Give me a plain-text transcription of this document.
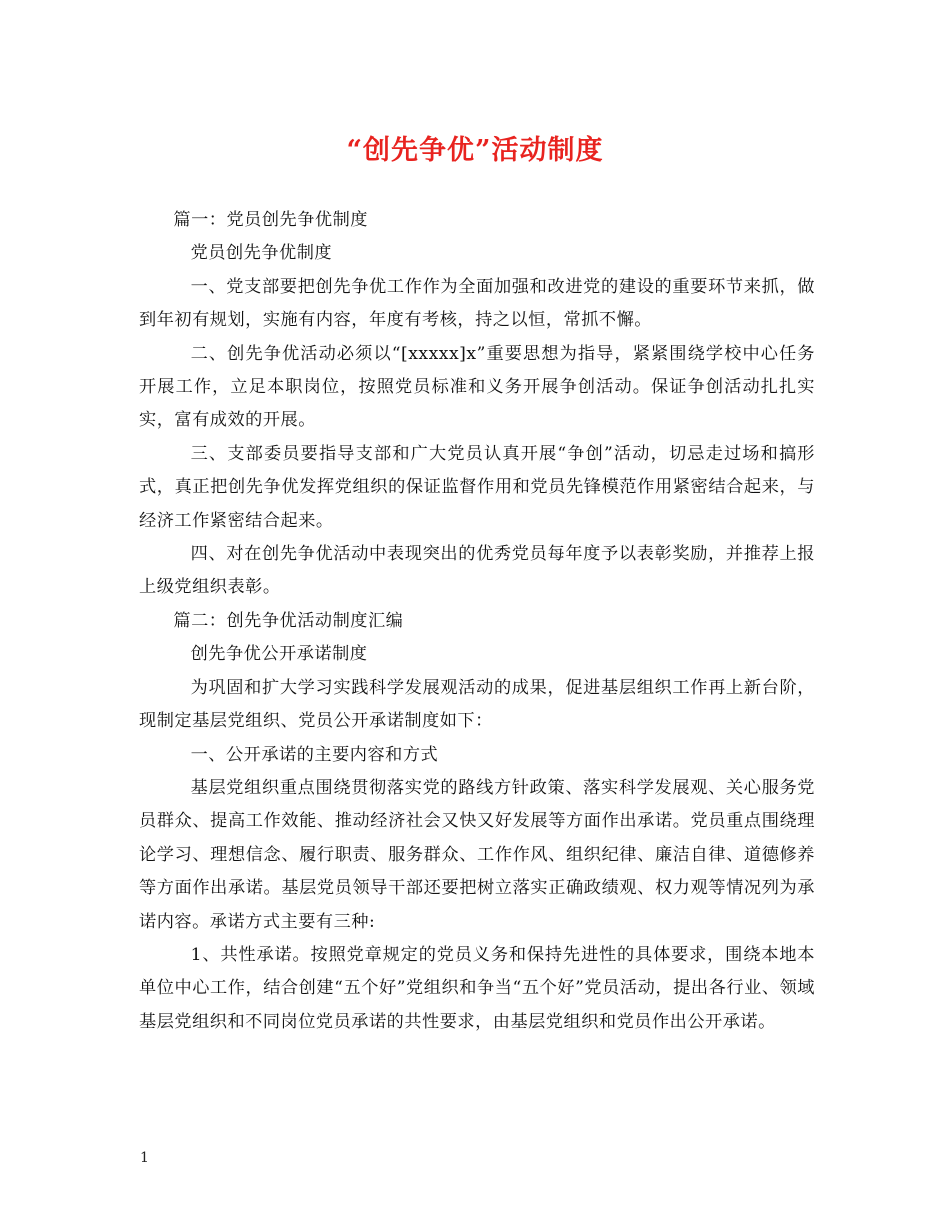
“创先争优”活动制度

篇一：党员创先争优制度

党员创先争优制度

一、党支部要把创先争优工作作为全面加强和改进党的建设的重要环节来抓，做到年初有规划，实施有内容，年度有考核，持之以恒，常抓不懈。

二、创先争优活动必须以“[xxxxx]x”重要思想为指导，紧紧围绕学校中心任务开展工作，立足本职岗位，按照党员标准和义务开展争创活动。保证争创活动扎扎实实，富有成效的开展。

三、支部委员要指导支部和广大党员认真开展“争创”活动，切忌走过场和搞形式，真正把创先争优发挥党组织的保证监督作用和党员先锋模范作用紧密结合起来，与经济工作紧密结合起来。

四、对在创先争优活动中表现突出的优秀党员每年度予以表彰奖励，并推荐上报上级党组织表彰。

篇二：创先争优活动制度汇编

创先争优公开承诺制度

为巩固和扩大学习实践科学发展观活动的成果，促进基层组织工作再上新台阶，现制定基层党组织、党员公开承诺制度如下：

一、公开承诺的主要内容和方式

基层党组织重点围绕贯彻落实党的路线方针政策、落实科学发展观、关心服务党员群众、提高工作效能、推动经济社会又快又好发展等方面作出承诺。党员重点围绕理论学习、理想信念、履行职责、服务群众、工作作风、组织纪律、廉洁自律、道德修养等方面作出承诺。基层党员领导干部还要把树立落实正确政绩观、权力观等情况列为承诺内容。承诺方式主要有三种:

1、共性承诺。按照党章规定的党员义务和保持先进性的具体要求，围绕本地本单位中心工作，结合创建“五个好”党组织和争当“五个好”党员活动，提出各行业、领域基层党组织和不同岗位党员承诺的共性要求，由基层党组织和党员作出公开承诺。

1
